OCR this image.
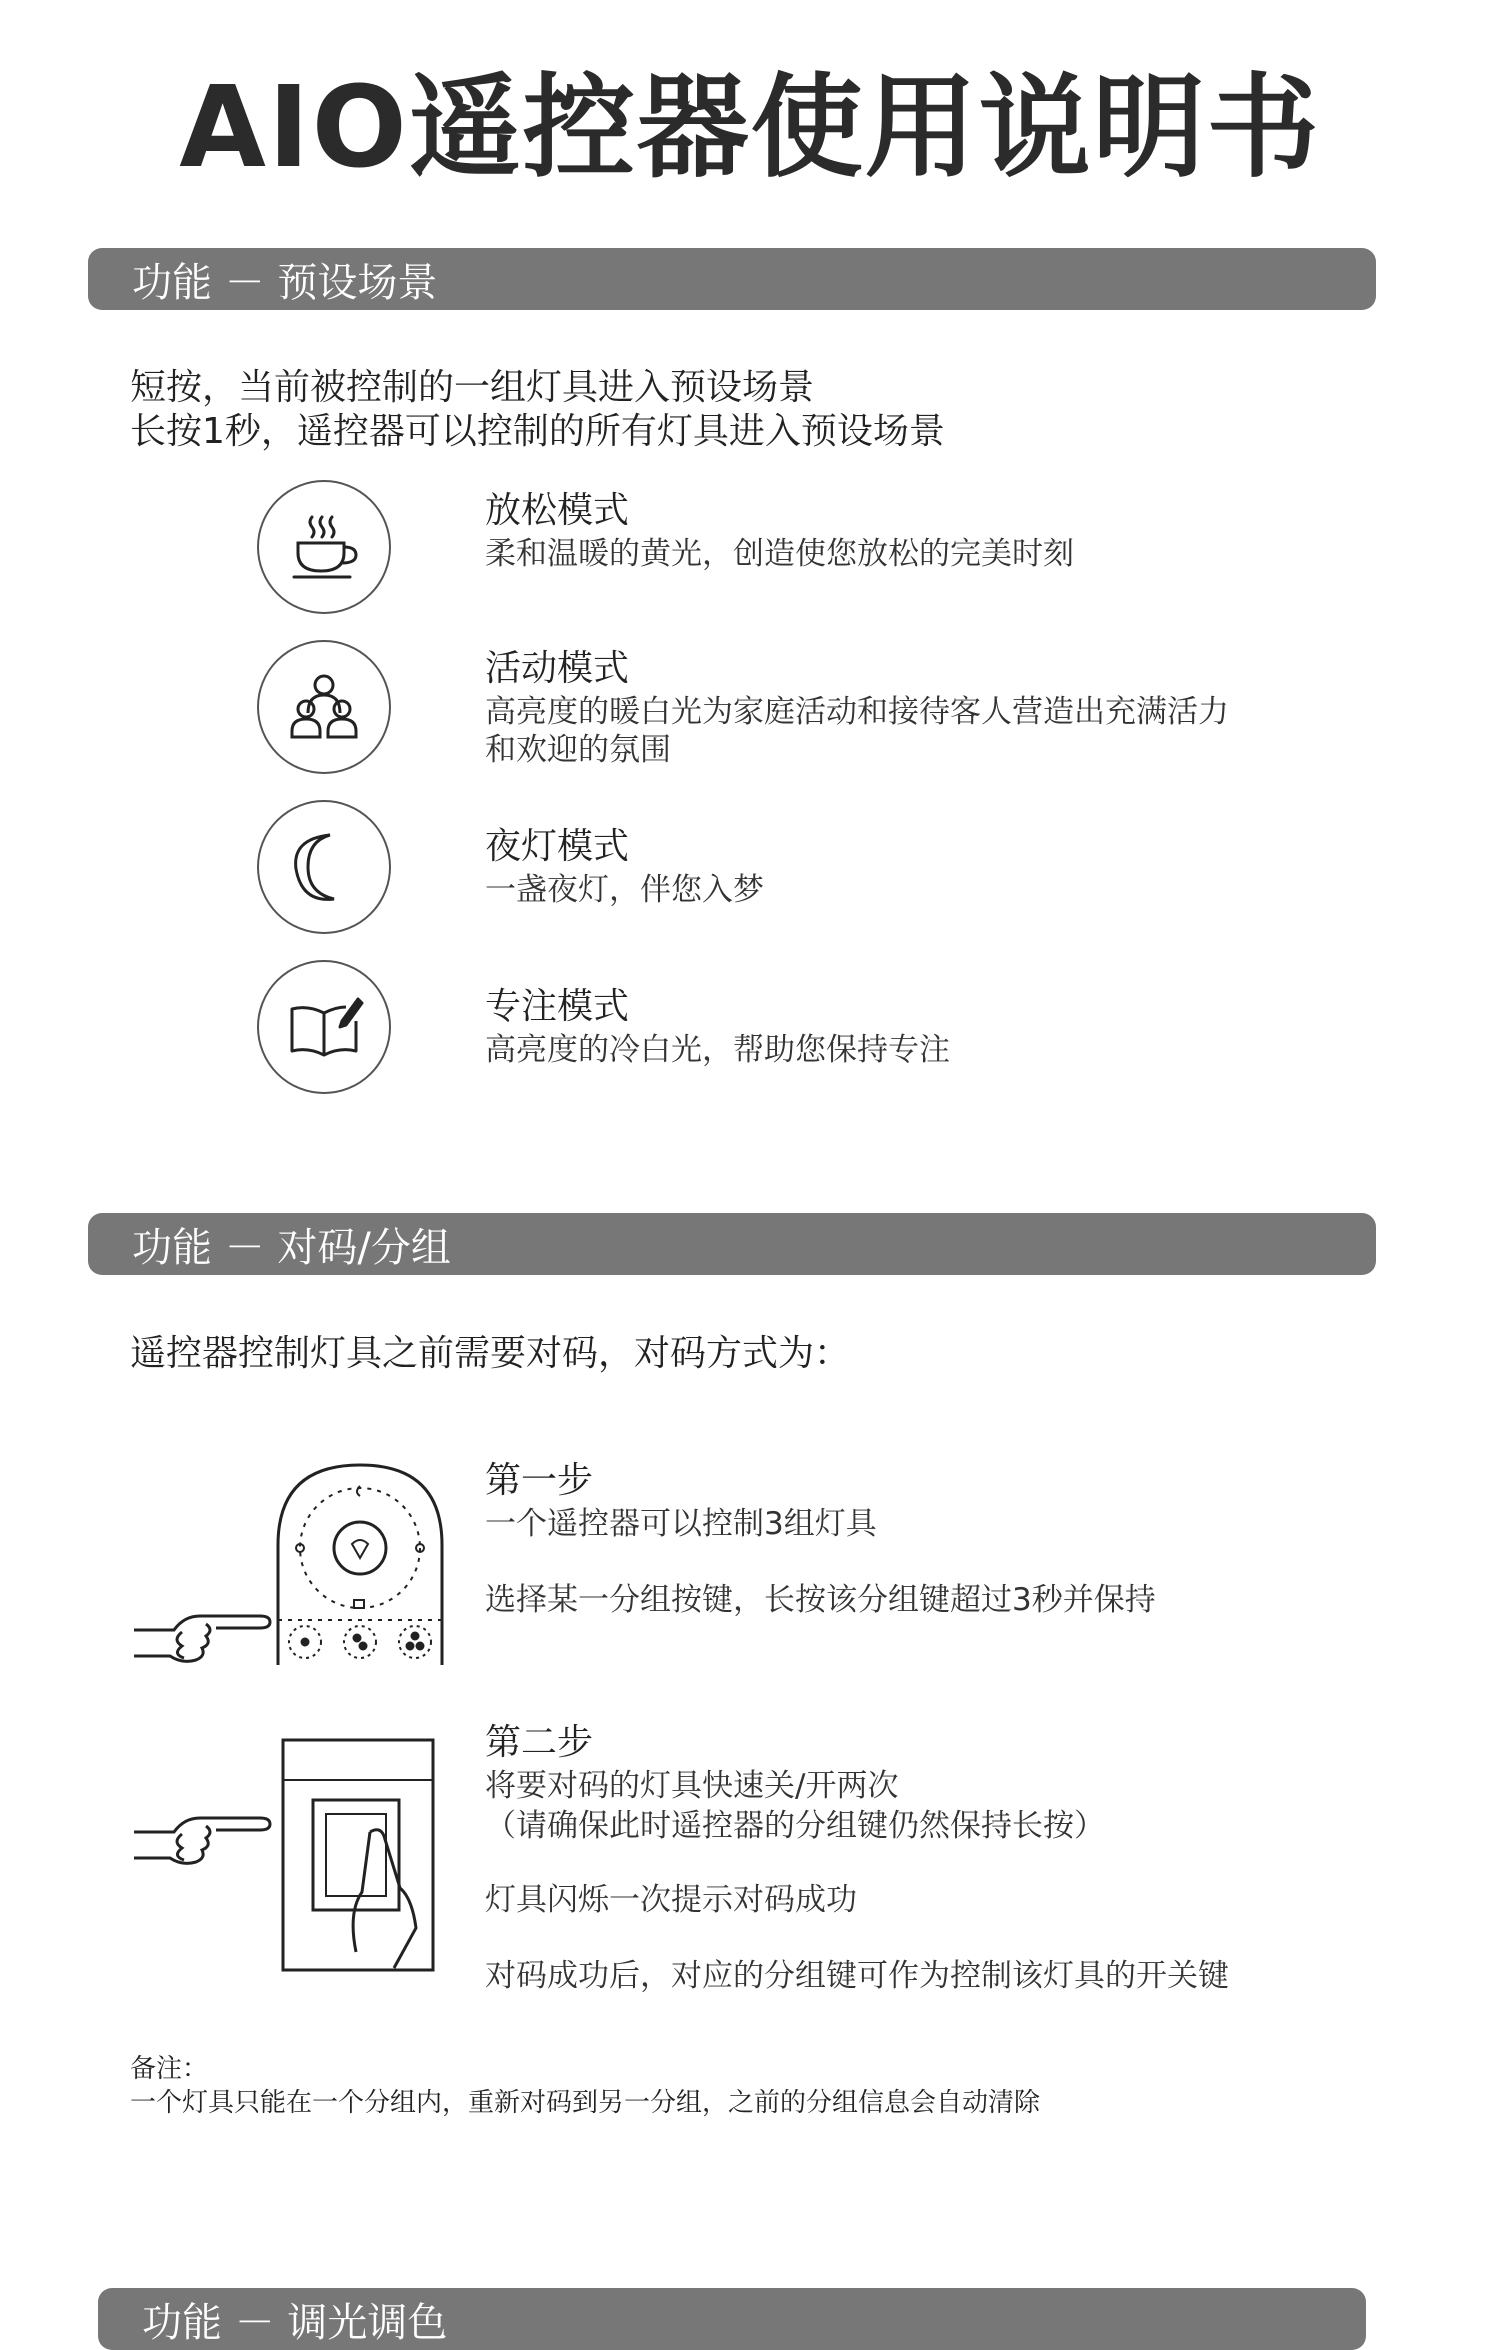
AIO遥控器使用说明书
功能 － 预设场景
短按，当前被控制的一组灯具进入预设场景
长按1秒，遥控器可以控制的所有灯具进入预设场景
放松模式
柔和温暖的黄光，创造使您放松的完美时刻
活动模式
高亮度的暖白光为家庭活动和接待客人营造出充满活力
和欢迎的氛围
夜灯模式
一盏夜灯，伴您入梦
专注模式
高亮度的冷白光，帮助您保持专注
功能 － 对码/分组
遥控器控制灯具之前需要对码，对码方式为：
第一步
一个遥控器可以控制3组灯具
选择某一分组按键，长按该分组键超过3秒并保持
第二步
将要对码的灯具快速关/开两次
（请确保此时遥控器的分组键仍然保持长按）
灯具闪烁一次提示对码成功
对码成功后，对应的分组键可作为控制该灯具的开关键
备注：
一个灯具只能在一个分组内，重新对码到另一分组，之前的分组信息会自动清除
功能 － 调光调色
